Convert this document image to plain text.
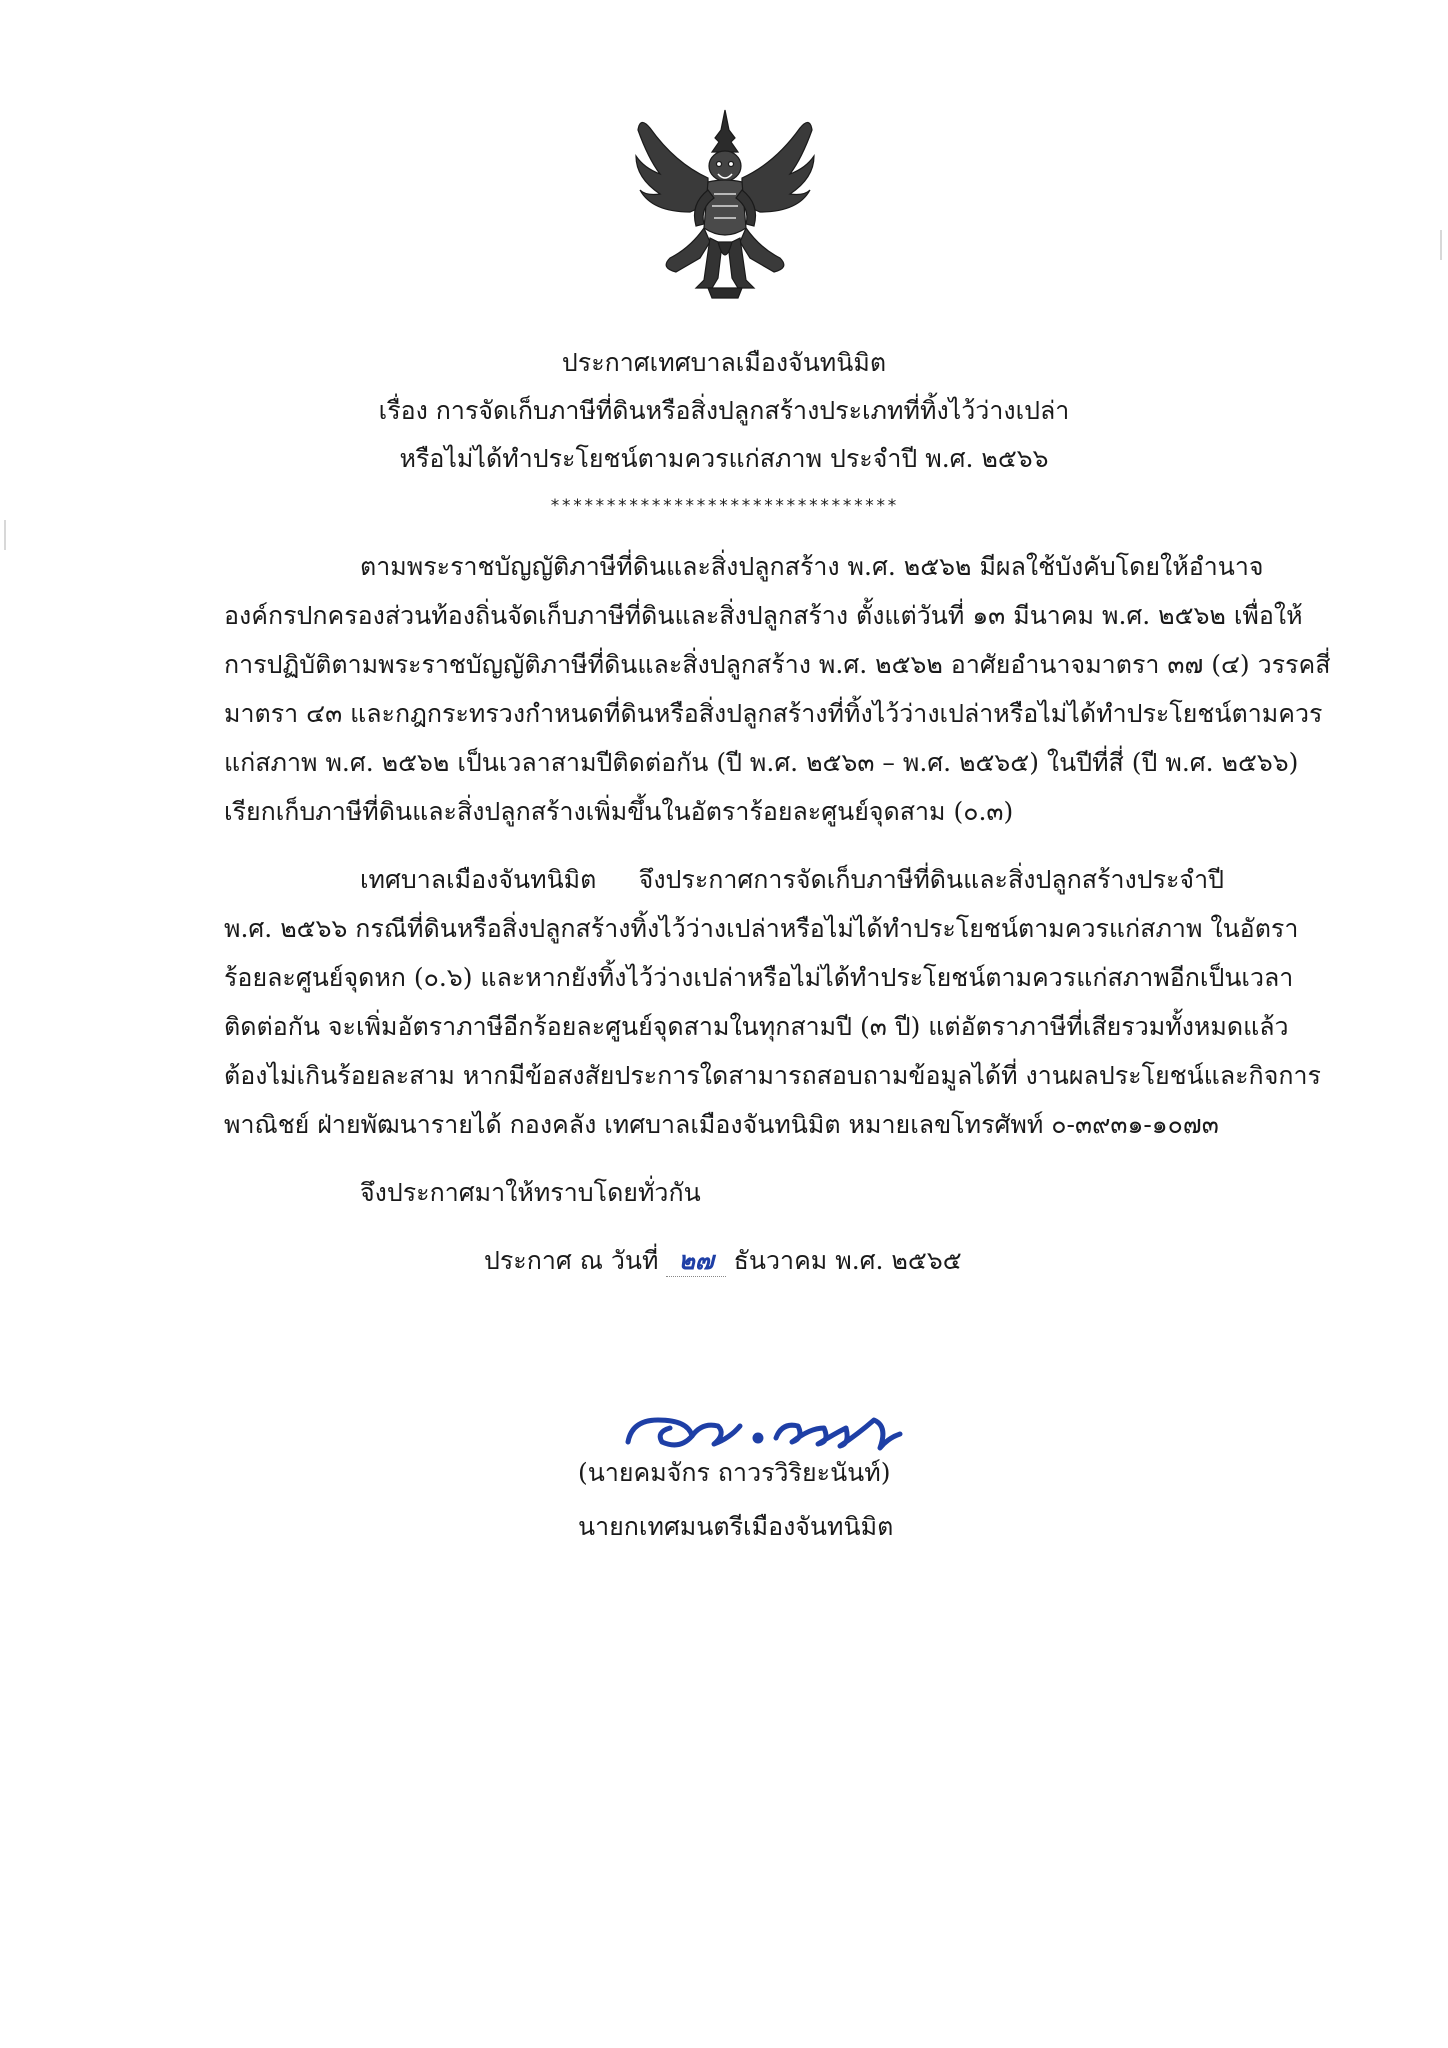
ประกาศเทศบาลเมืองจันทนิมิต
เรื่อง การจัดเก็บภาษีที่ดินหรือสิ่งปลูกสร้างประเภทที่ทิ้งไว้ว่างเปล่า
หรือไม่ได้ทำประโยชน์ตามควรแก่สภาพ ประจำปี พ.ศ. ๒๕๖๖
*******************************
ตามพระราชบัญญัติภาษีที่ดินและสิ่งปลูกสร้าง พ.ศ. ๒๕๖๒ มีผลใช้บังคับโดยให้อำนาจ
องค์กรปกครองส่วนท้องถิ่นจัดเก็บภาษีที่ดินและสิ่งปลูกสร้าง ตั้งแต่วันที่ ๑๓ มีนาคม พ.ศ. ๒๕๖๒ เพื่อให้
การปฏิบัติตามพระราชบัญญัติภาษีที่ดินและสิ่งปลูกสร้าง พ.ศ. ๒๕๖๒ อาศัยอำนาจมาตรา ๓๗ (๔) วรรคสี่
มาตรา ๔๓ และกฎกระทรวงกำหนดที่ดินหรือสิ่งปลูกสร้างที่ทิ้งไว้ว่างเปล่าหรือไม่ได้ทำประโยชน์ตามควร
แก่สภาพ พ.ศ. ๒๕๖๒ เป็นเวลาสามปีติดต่อกัน (ปี พ.ศ. ๒๕๖๓ – พ.ศ. ๒๕๖๕) ในปีที่สี่ (ปี พ.ศ. ๒๕๖๖)
เรียกเก็บภาษีที่ดินและสิ่งปลูกสร้างเพิ่มขึ้นในอัตราร้อยละศูนย์จุดสาม (๐.๓)
เทศบาลเมืองจันทนิมิต จึงประกาศการจัดเก็บภาษีที่ดินและสิ่งปลูกสร้างประจำปี
พ.ศ. ๒๕๖๖ กรณีที่ดินหรือสิ่งปลูกสร้างทิ้งไว้ว่างเปล่าหรือไม่ได้ทำประโยชน์ตามควรแก่สภาพ ในอัตรา
ร้อยละศูนย์จุดหก (๐.๖) และหากยังทิ้งไว้ว่างเปล่าหรือไม่ได้ทำประโยชน์ตามควรแก่สภาพอีกเป็นเวลา
ติดต่อกัน จะเพิ่มอัตราภาษีอีกร้อยละศูนย์จุดสามในทุกสามปี (๓ ปี) แต่อัตราภาษีที่เสียรวมทั้งหมดแล้ว
ต้องไม่เกินร้อยละสาม หากมีข้อสงสัยประการใดสามารถสอบถามข้อมูลได้ที่ งานผลประโยชน์และกิจการ
พาณิชย์ ฝ่ายพัฒนารายได้ กองคลัง เทศบาลเมืองจันทนิมิต หมายเลขโทรศัพท์ ๐-๓๙๓๑-๑๐๗๓
จึงประกาศมาให้ทราบโดยทั่วกัน
ประกาศ ณ วันที่ ๒๗ ธันวาคม พ.ศ. ๒๕๖๕
(นายคมจักร ถาวรวิริยะนันท์)
นายกเทศมนตรีเมืองจันทนิมิต
